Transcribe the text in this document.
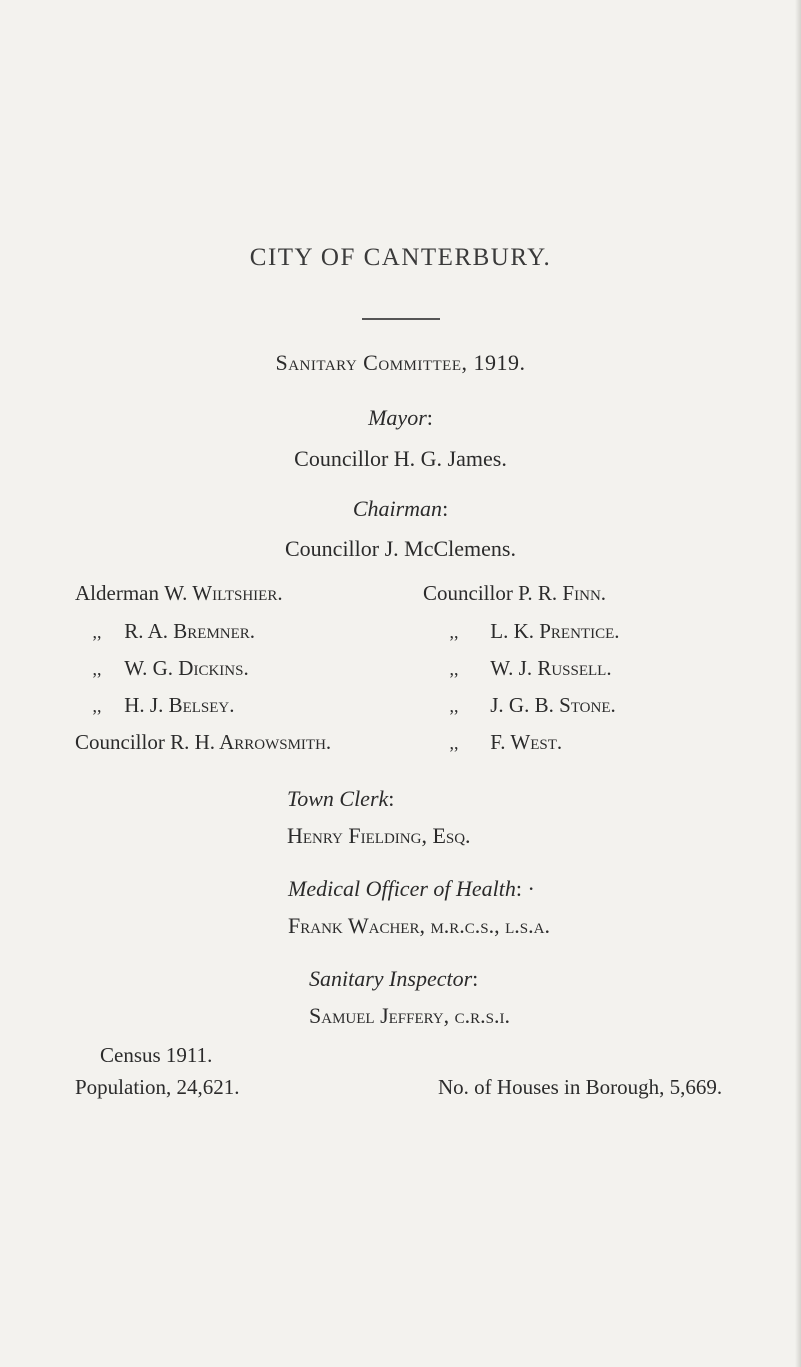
CITY OF CANTERBURY.
Sanitary Committee, 1919.
Mayor:
Councillor H. G. James.
Chairman:
Councillor J. McClemens.
Alderman W. Wiltshier.
,, R. A. Bremner.
,, W. G. Dickins.
,, H. J. Belsey.
Councillor R. H. Arrowsmith.
Councillor P. R. Finn.
,, L. K. Prentice.
,, W. J. Russell.
,, J. G. B. Stone.
,, F. West.
Town Clerk:
Henry Fielding, Esq.
Medical Officer of Health: ·
Frank Wacher, m.r.c.s., l.s.a.
Sanitary Inspector:
Samuel Jeffery, c.r.s.i.
Census 1911.
Population, 24,621.	No. of Houses in Borough, 5,669.
